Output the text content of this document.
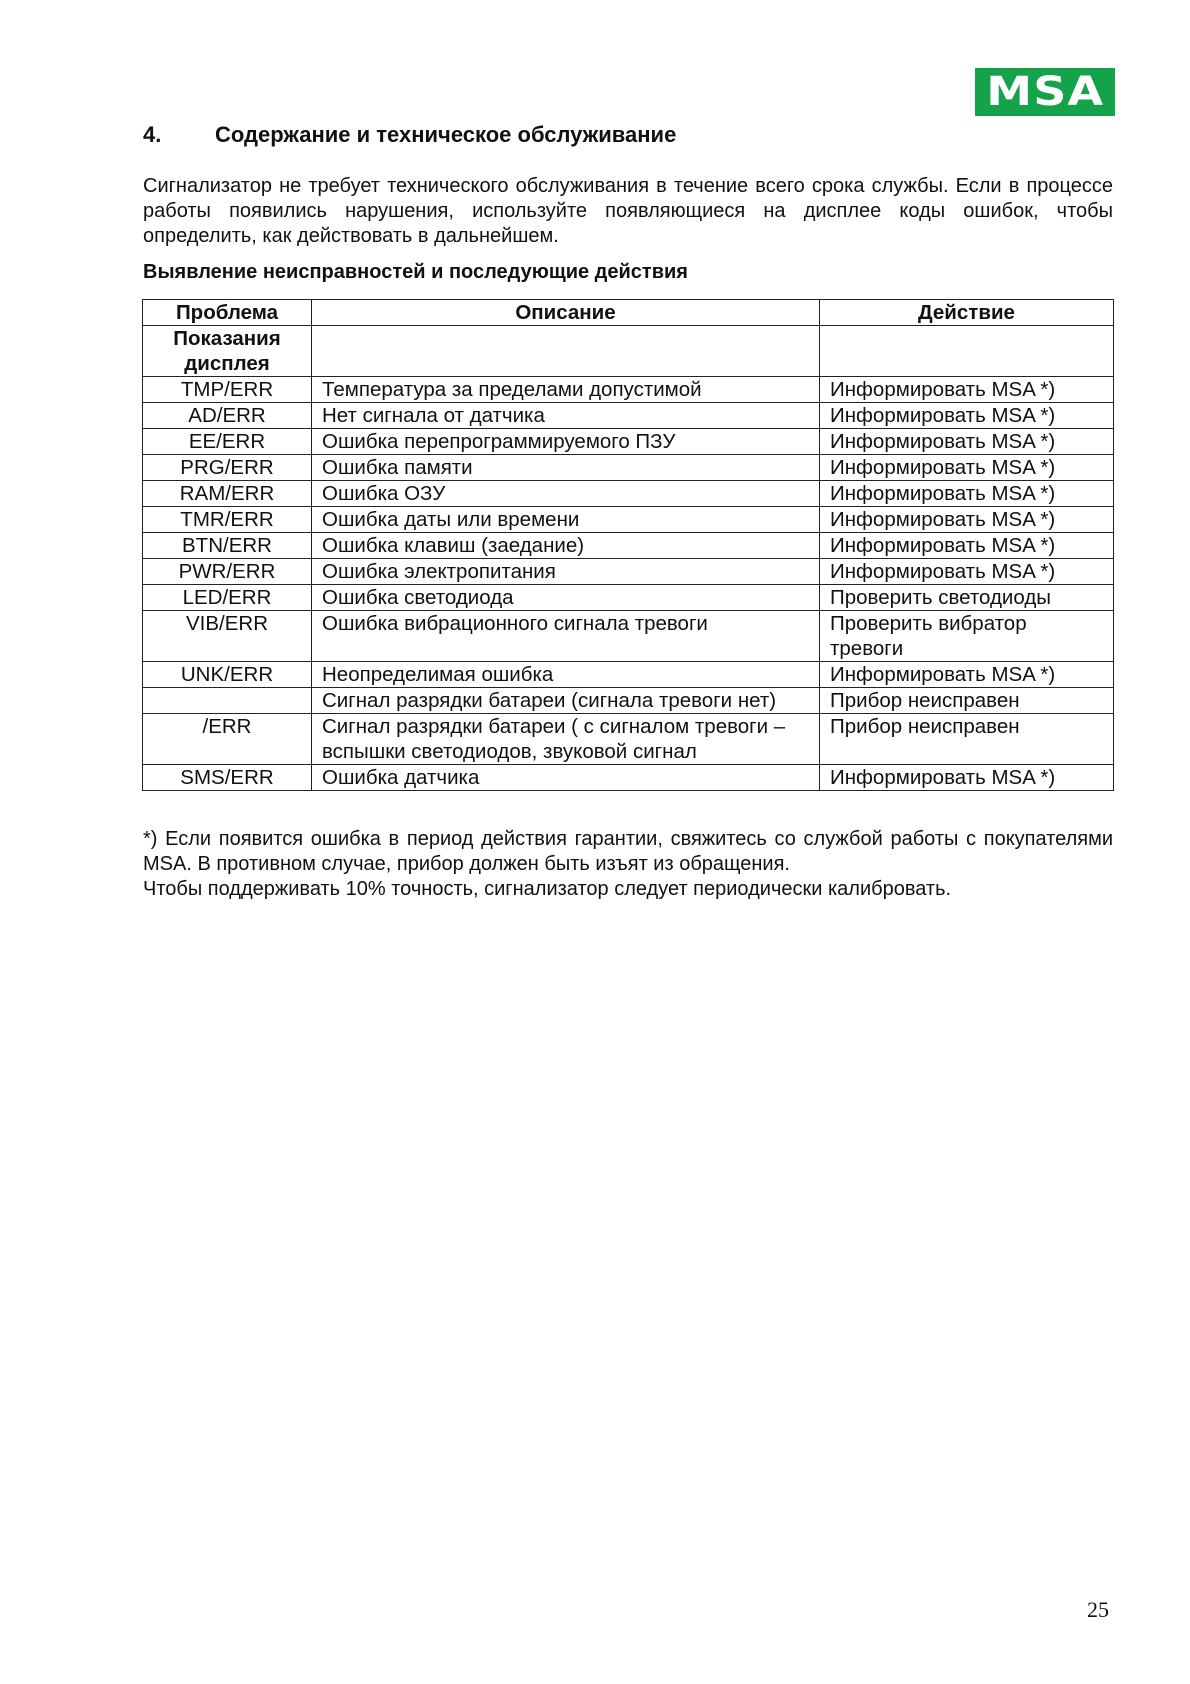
MSA
4. Содержание и техническое обслуживание

Сигнализатор не требует технического обслуживания в течение всего срока службы. Если в процессе работы появились нарушения, используйте появляющиеся на дисплее коды ошибок, чтобы определить, как действовать в дальнейшем.

Выявление неисправностей и последующие действия
Проблема	Описание	Действие
Показания дисплея		
TMP/ERR	Температура за пределами допустимой	Информировать MSA *)
AD/ERR	Нет сигнала от датчика	Информировать MSA *)
EE/ERR	Ошибка перепрограммируемого ПЗУ	Информировать MSA *)
PRG/ERR	Ошибка памяти	Информировать MSA *)
RAM/ERR	Ошибка ОЗУ	Информировать MSA *)
TMR/ERR	Ошибка даты или времени	Информировать MSA *)
BTN/ERR	Ошибка клавиш (заедание)	Информировать MSA *)
PWR/ERR	Ошибка электропитания	Информировать MSA *)
LED/ERR	Ошибка светодиода	Проверить светодиоды
VIB/ERR	Ошибка вибрационного сигнала тревоги	Проверить вибратор тревоги
UNK/ERR	Неопределимая ошибка	Информировать MSA *)
	Сигнал разрядки батареи (сигнала тревоги нет)	Прибор неисправен
/ERR	Сигнал разрядки батареи ( с сигналом тревоги –вспышки светодиодов, звуковой сигнал	Прибор неисправен
SMS/ERR	Ошибка датчика	Информировать MSA *)

*) Если появится ошибка в период действия гарантии, свяжитесь со службой работы с покупателями MSA. В противном случае, прибор должен быть изъят из обращения.

Чтобы поддерживать 10% точность, сигнализатор следует периодически калибровать.

25
